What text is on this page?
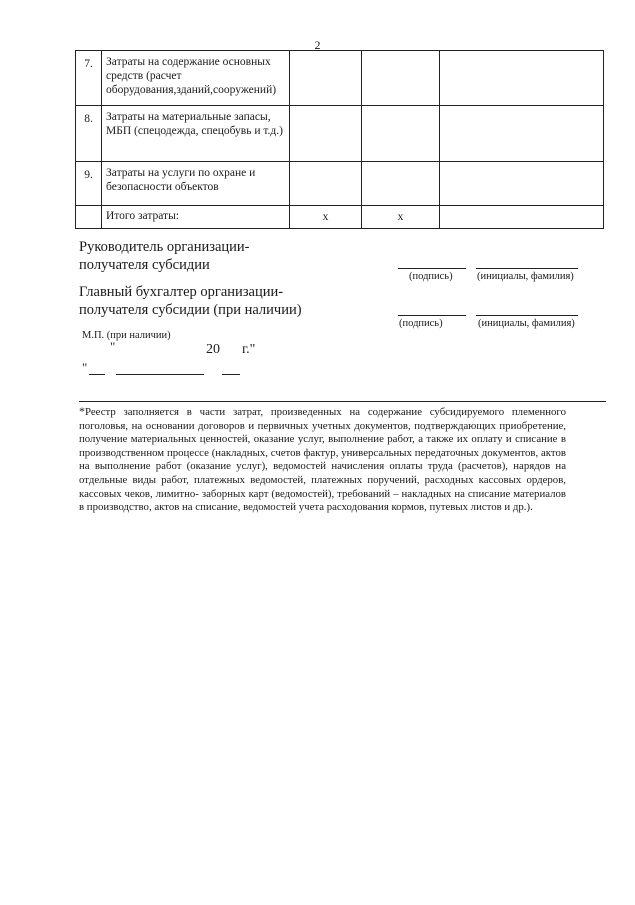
2
7.	Затраты на содержание основных средств (расчет оборудования,зданий,сооружений)			
8.	Затраты на материальные запасы, МБП (спецодежда, спецобувь и т.д.)			
9.	Затраты на услуги по охране и безопасности объектов			
	Итого затраты:	х	х	
Руководитель организации-
получателя субсидии
(подпись) (инициалы, фамилия)
Главный бухгалтер организации-
получателя субсидии (при наличии)
(подпись)	(инициалы, фамилия)
М.П. (при наличии)
"	20 г."
"
*Реестр заполняется в части затрат, произведенных на содержание субсидируемого племенного поголовья, на основании договоров и первичных учетных документов, подтверждающих приобретение, получение материальных ценностей, оказание услуг, выполнение работ, а также их оплату и списание в производственном процессе (накладных, счетов фактур, универсальных передаточных документов, актов на выполнение работ (оказание услуг), ведомостей начисления оплаты труда (расчетов), нарядов на отдельные виды работ, платежных ведомостей, платежных поручений, расходных кассовых ордеров, кассовых чеков, лимитно- заборных карт (ведомостей), требований – накладных на списание материалов в производство, актов на списание, ведомостей учета расходования кормов, путевых листов и др.).
